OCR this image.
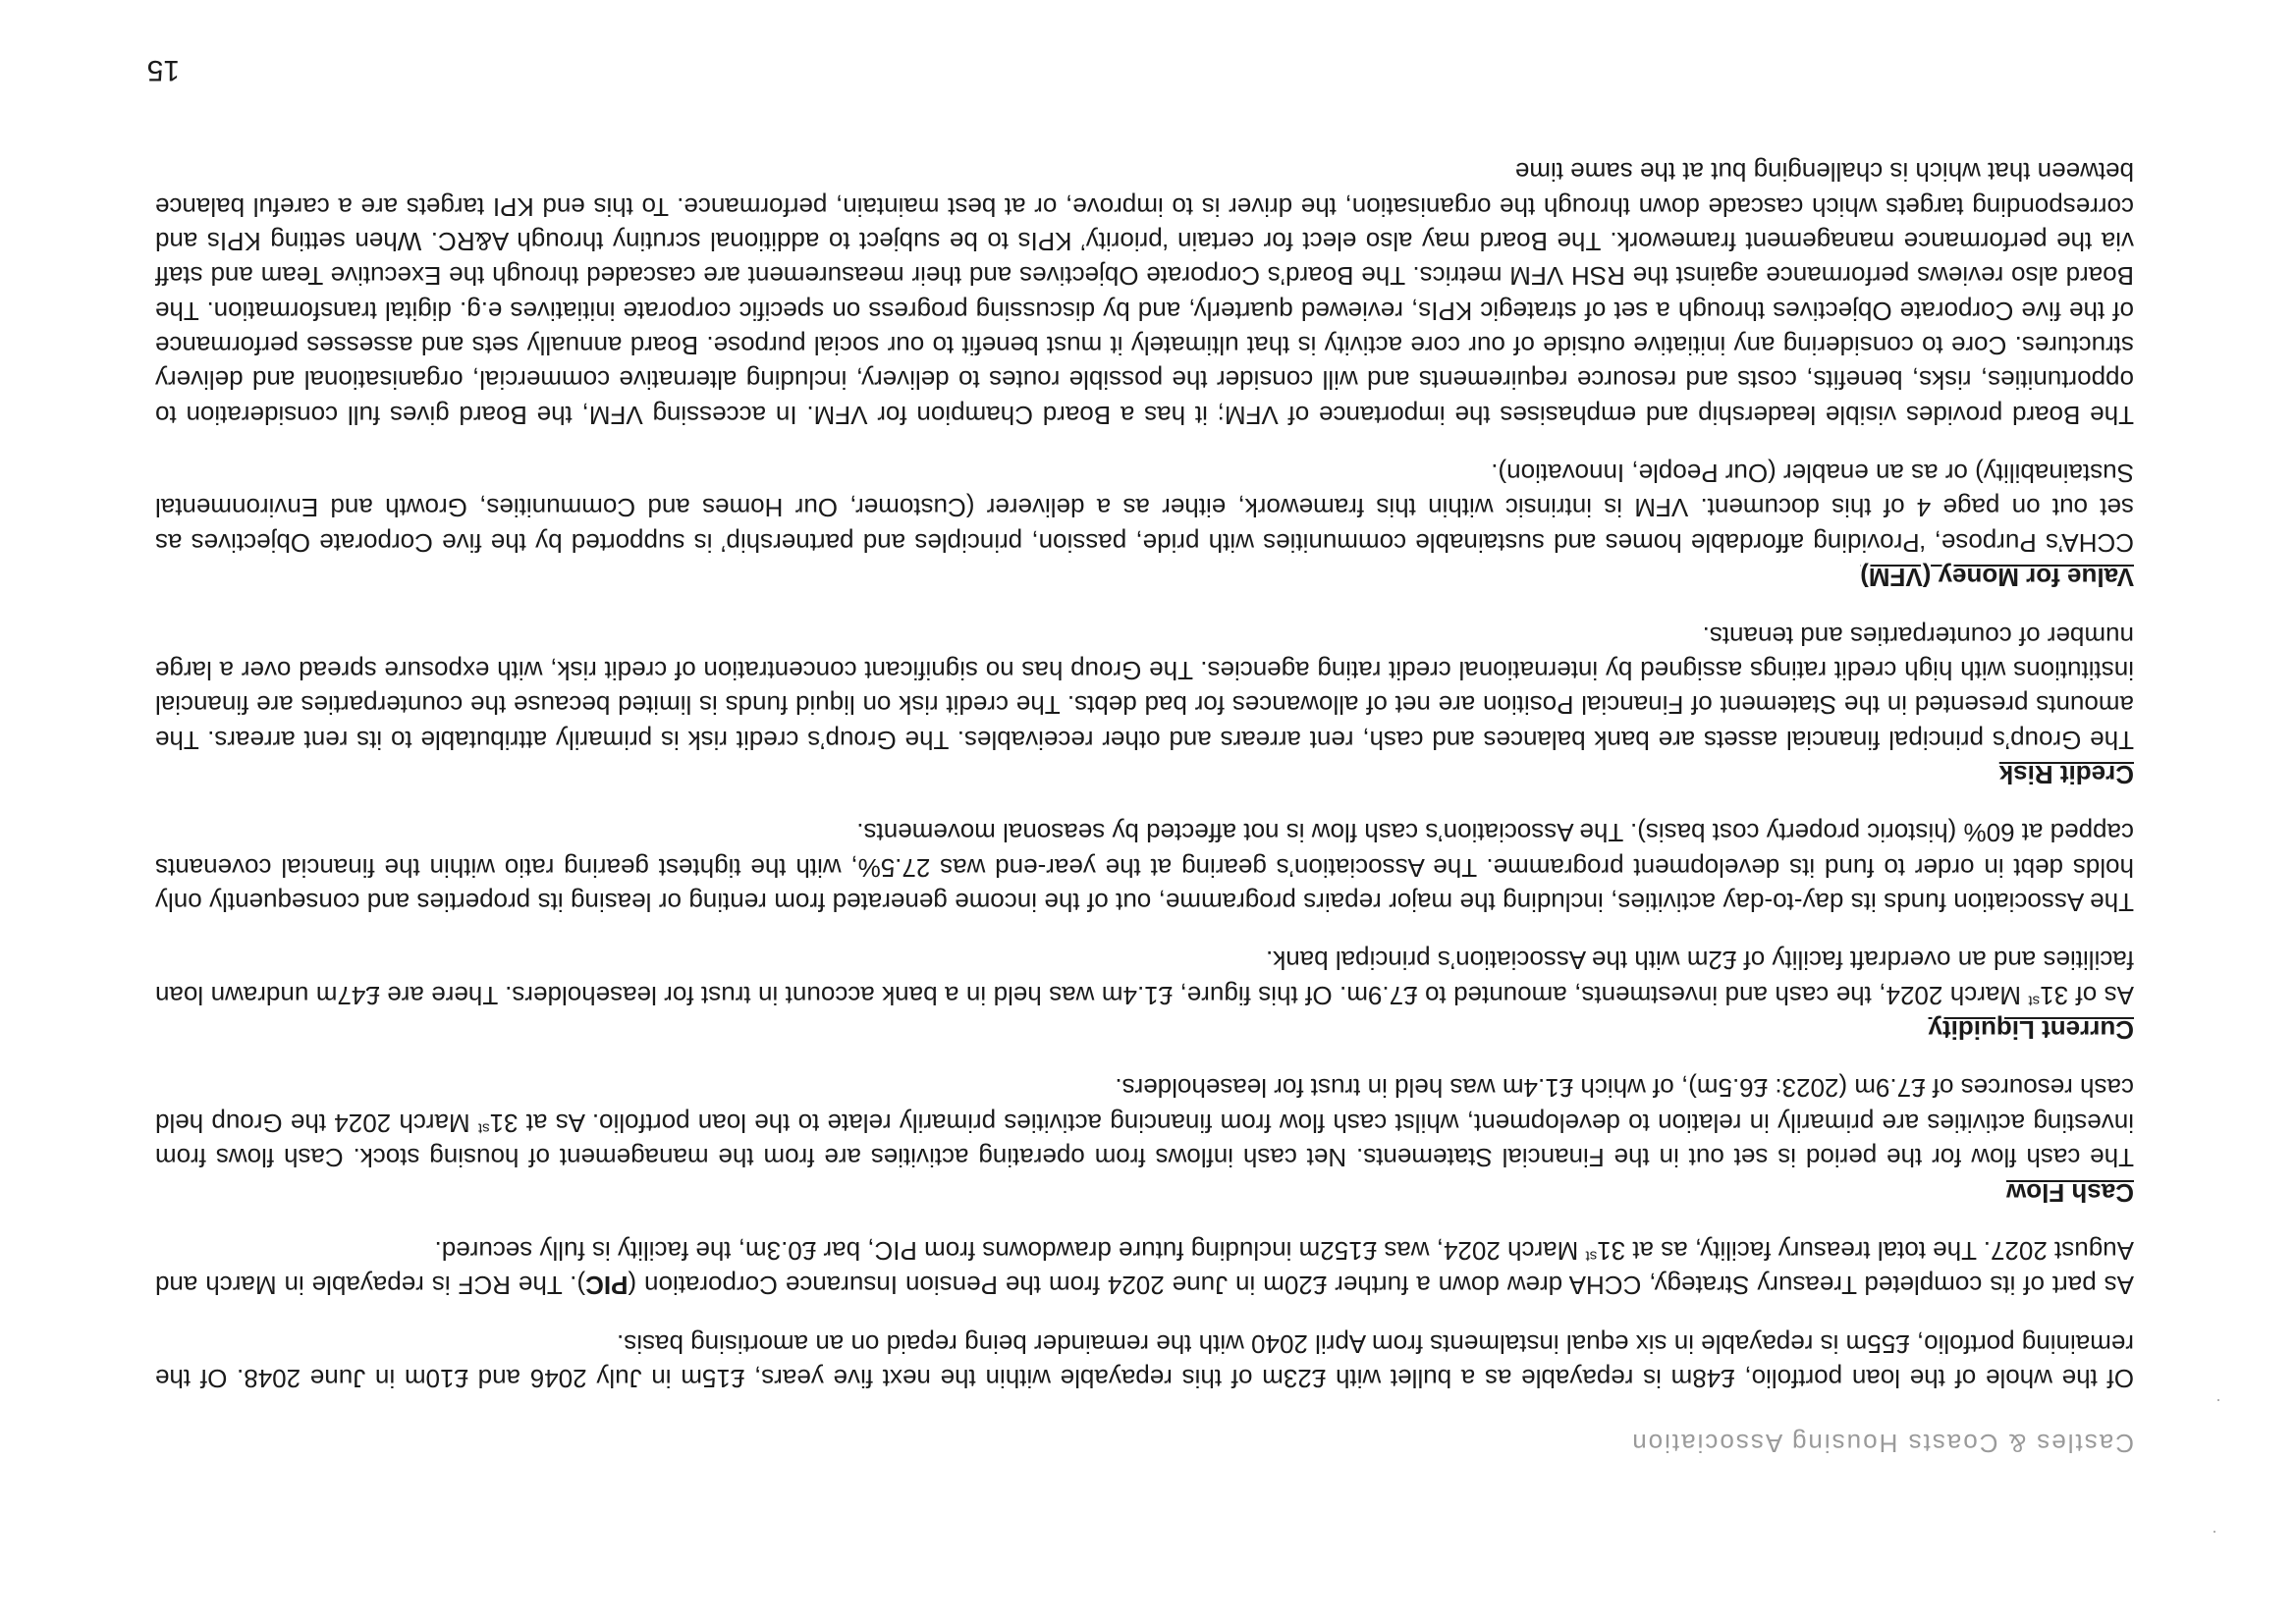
Castles & Coasts Housing Association

Of the whole of the loan portfolio, £48m is repayable as a bullet with £23m of this repayable within the next five years, £15m in July 2046 and £10m in June 2048. Of the remaining portfolio, £55m is repayable in six equal instalments from April 2040 with the remainder being repaid on an amortising basis.

As part of its completed Treasury Strategy, CCHA drew down a further £20m in June 2024 from the Pension Insurance Corporation (PIC). The RCF is repayable in March and August 2027. The total treasury facility, as at 31st March 2024, was £152m including future drawdowns from PIC, bar £0.3m, the facility is fully secured.

Cash Flow

The cash flow for the period is set out in the Financial Statements. Net cash inflows from operating activities are from the management of housing stock. Cash flows from investing activities are primarily in relation to development, whilst cash flow from financing activities primarily relate to the loan portfolio. As at 31st March 2024 the Group held cash resources of £7.9m (2023: £6.5m), of which £1.4m was held in trust for leaseholders.

Current Liquidity

As of 31st March 2024, the cash and investments, amounted to £7.9m. Of this figure, £1.4m was held in a bank account in trust for leaseholders. There are £47m undrawn loan facilities and an overdraft facility of £2m with the Association’s principal bank.

The Association funds its day-to-day activities, including the major repairs programme, out of the income generated from renting or leasing its properties and consequently only holds debt in order to fund its development programme. The Association’s gearing at the year-end was 27.5%, with the tightest gearing ratio within the financial covenants capped at 60% (historic property cost basis). The Association’s cash flow is not affected by seasonal movements.

Credit Risk

The Group’s principal financial assets are bank balances and cash, rent arrears and other receivables. The Group’s credit risk is primarily attributable to its rent arrears. The amounts presented in the Statement of Financial Position are net of allowances for bad debts. The credit risk on liquid funds is limited because the counterparties are financial institutions with high credit ratings assigned by international credit rating agencies. The Group has no significant concentration of credit risk, with exposure spread over a large number of counterparties and tenants.

Value for Money (VFM)

CCHA’s Purpose, ‘Providing affordable homes and sustainable communities with pride, passion, principles and partnership’ is supported by the five Corporate Objectives as set out on page 4 of this document. VFM is intrinsic within this framework, either as a deliverer (Customer, Our Homes and Communities, Growth and Environmental Sustainability) or as an enabler (Our People, Innovation).

The Board provides visible leadership and emphasises the importance of VFM; it has a Board Champion for VFM. In accessing VFM, the Board gives full consideration to opportunities, risks, benefits, costs and resource requirements and will consider the possible routes to delivery, including alternative commercial, organisational and delivery structures. Core to considering any initiative outside of our core activity is that ultimately it must benefit to our social purpose. Board annually sets and assesses performance of the five Corporate Objectives through a set of strategic KPIs, reviewed quarterly, and by discussing progress on specific corporate initiatives e.g. digital transformation. The Board also reviews performance against the RSH VFM metrics. The Board’s Corporate Objectives and their measurement are cascaded through the Executive Team and staff via the performance management framework. The Board may also elect for certain ‘priority’ KPIs to be subject to additional scrutiny through A&RC. When setting KPIs and corresponding targets which cascade down through the organisation, the driver is to improve, or at best maintain, performance. To this end KPI targets are a careful balance between that which is challenging but at the same time

15
